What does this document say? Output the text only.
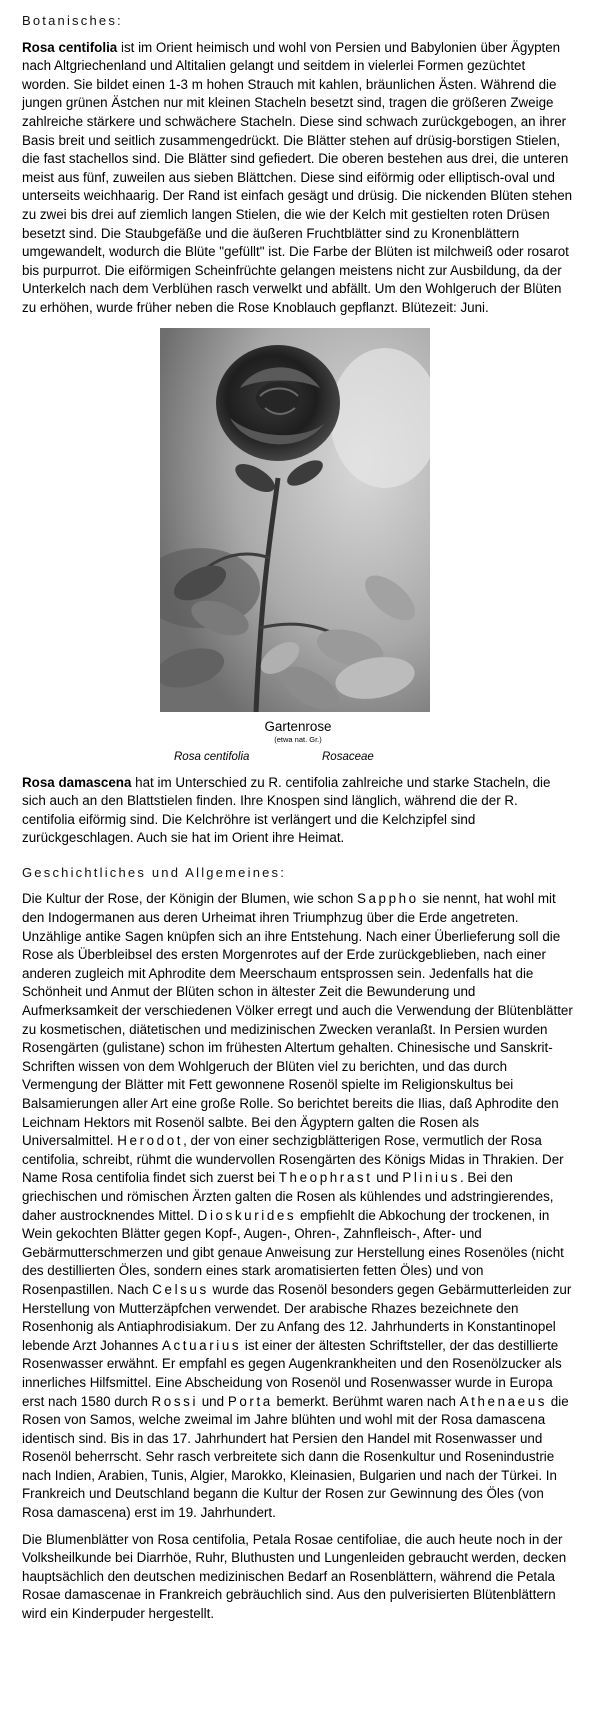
Botanisches:

Rosa centifolia ist im Orient heimisch und wohl von Persien und Babylonien über Ägypten nach Altgriechenland und Altitalien gelangt und seitdem in vielerlei Formen gezüchtet worden. Sie bildet einen 1-3 m hohen Strauch mit kahlen, bräunlichen Ästen. Während die jungen grünen Ästchen nur mit kleinen Stacheln besetzt sind, tragen die größeren Zweige zahlreiche stärkere und schwächere Stacheln. Diese sind schwach zurückgebogen, an ihrer Basis breit und seitlich zusammengedrückt. Die Blätter stehen auf drüsig-borstigen Stielen, die fast stachellos sind. Die Blätter sind gefiedert. Die oberen bestehen aus drei, die unteren meist aus fünf, zuweilen aus sieben Blättchen. Diese sind eiförmig oder elliptisch-oval und unterseits weichhaarig. Der Rand ist einfach gesägt und drüsig. Die nickenden Blüten stehen zu zwei bis drei auf ziemlich langen Stielen, die wie der Kelch mit gestielten roten Drüsen besetzt sind. Die Staubgefäße und die äußeren Fruchtblätter sind zu Kronenblättern umgewandelt, wodurch die Blüte "gefüllt" ist. Die Farbe der Blüten ist milchweiß oder rosarot bis purpurrot. Die eiförmigen Scheinfrüchte gelangen meistens nicht zur Ausbildung, da der Unterkelch nach dem Verblühen rasch verwelkt und abfällt. Um den Wohlgeruch der Blüten zu erhöhen, wurde früher neben die Rose Knoblauch gepflanzt. Blütezeit: Juni.

Gartenrose
(etwa nat. Gr.)
Rosa centifolia	Rosaceae

Rosa damascena hat im Unterschied zu R. centifolia zahlreiche und starke Stacheln, die sich auch an den Blattstielen finden. Ihre Knospen sind länglich, während die der R. centifolia eiförmig sind. Die Kelchröhre ist verlängert und die Kelchzipfel sind zurückgeschlagen. Auch sie hat im Orient ihre Heimat.

Geschichtliches und Allgemeines:

Die Kultur der Rose, der Königin der Blumen, wie schon Sappho sie nennt, hat wohl mit den Indogermanen aus deren Urheimat ihren Triumphzug über die Erde angetreten. Unzählige antike Sagen knüpfen sich an ihre Entstehung. Nach einer Überlieferung soll die Rose als Überbleibsel des ersten Morgenrotes auf der Erde zurückgeblieben, nach einer anderen zugleich mit Aphrodite dem Meerschaum entsprossen sein. Jedenfalls hat die Schönheit und Anmut der Blüten schon in ältester Zeit die Bewunderung und Aufmerksamkeit der verschiedenen Völker erregt und auch die Verwendung der Blütenblätter zu kosmetischen, diätetischen und medizinischen Zwecken veranlaßt. In Persien wurden Rosengärten (gulistane) schon im frühesten Altertum gehalten. Chinesische und Sanskrit-Schriften wissen von dem Wohlgeruch der Blüten viel zu berichten, und das durch Vermengung der Blätter mit Fett gewonnene Rosenöl spielte im Religionskultus bei Balsamierungen aller Art eine große Rolle. So berichtet bereits die Ilias, daß Aphrodite den Leichnam Hektors mit Rosenöl salbte. Bei den Ägyptern galten die Rosen als Universalmittel. Herodot, der von einer sechzigblätterigen Rose, vermutlich der Rosa centifolia, schreibt, rühmt die wundervollen Rosengärten des Königs Midas in Thrakien. Der Name Rosa centifolia findet sich zuerst bei Theophrast und Plinius. Bei den griechischen und römischen Ärzten galten die Rosen als kühlendes und adstringierendes, daher austrocknendes Mittel. Dioskurides empfiehlt die Abkochung der trockenen, in Wein gekochten Blätter gegen Kopf-, Augen-, Ohren-, Zahnfleisch-, After- und Gebärmutterschmerzen und gibt genaue Anweisung zur Herstellung eines Rosenöles (nicht des destillierten Öles, sondern eines stark aromatisierten fetten Öles) und von Rosenpastillen. Nach Celsus wurde das Rosenöl besonders gegen Gebärmutterleiden zur Herstellung von Mutterzäpfchen verwendet. Der arabische Rhazes bezeichnete den Rosenhonig als Antiaphrodisiakum. Der zu Anfang des 12. Jahrhunderts in Konstantinopel lebende Arzt Johannes Actuarius ist einer der ältesten Schriftsteller, der das destillierte Rosenwasser erwähnt. Er empfahl es gegen Augenkrankheiten und den Rosenölzucker als innerliches Hilfsmittel. Eine Abscheidung von Rosenöl und Rosenwasser wurde in Europa erst nach 1580 durch Rossi und Porta bemerkt. Berühmt waren nach Athenaeus die Rosen von Samos, welche zweimal im Jahre blühten und wohl mit der Rosa damascena identisch sind. Bis in das 17. Jahrhundert hat Persien den Handel mit Rosenwasser und Rosenöl beherrscht. Sehr rasch verbreitete sich dann die Rosenkultur und Rosenindustrie nach Indien, Arabien, Tunis, Algier, Marokko, Kleinasien, Bulgarien und nach der Türkei. In Frankreich und Deutschland begann die Kultur der Rosen zur Gewinnung des Öles (von Rosa damascena) erst im 19. Jahrhundert.

Die Blumenblätter von Rosa centifolia, Petala Rosae centifoliae, die auch heute noch in der Volksheilkunde bei Diarrhöe, Ruhr, Bluthusten und Lungenleiden gebraucht werden, decken hauptsächlich den deutschen medizinischen Bedarf an Rosenblättern, während die Petala Rosae damascenae in Frankreich gebräuchlich sind. Aus den pulverisierten Blütenblättern wird ein Kinderpuder hergestellt.
